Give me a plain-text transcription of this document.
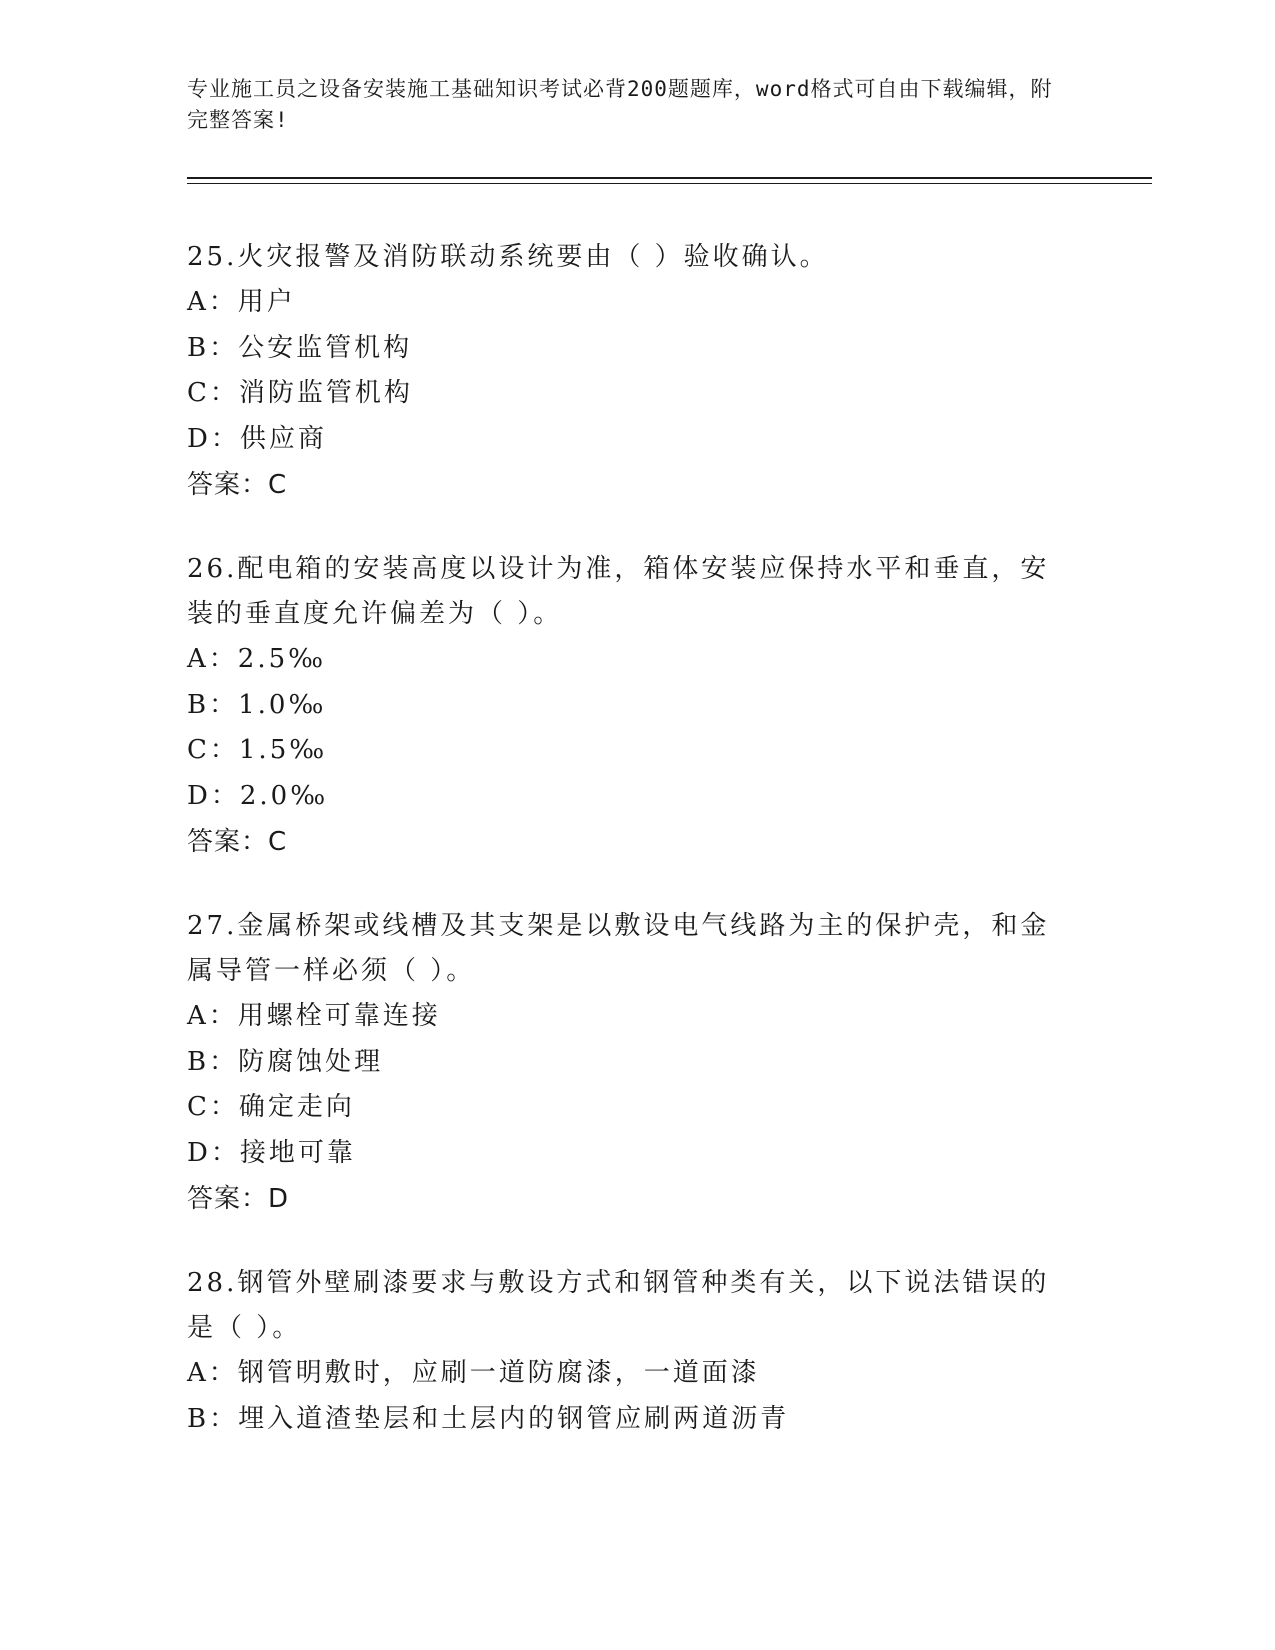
专业施工员之设备安装施工基础知识考试必背200题题库，word格式可自由下载编辑，附完整答案!
25.火灾报警及消防联动系统要由（ ）验收确认。
A：用户
B：公安监管机构
C：消防监管机构
D：供应商
答案：C
26.配电箱的安装高度以设计为准，箱体安装应保持水平和垂直，安装的垂直度允许偏差为（ ）。
A：2.5‰
B：1.0‰
C：1.5‰
D：2.0‰
答案：C
27.金属桥架或线槽及其支架是以敷设电气线路为主的保护壳，和金属导管一样必须（ ）。
A：用螺栓可靠连接
B：防腐蚀处理
C：确定走向
D：接地可靠
答案：D
28.钢管外壁刷漆要求与敷设方式和钢管种类有关，以下说法错误的是（ ）。
A：钢管明敷时，应刷一道防腐漆，一道面漆
B：埋入道渣垫层和土层内的钢管应刷两道沥青
